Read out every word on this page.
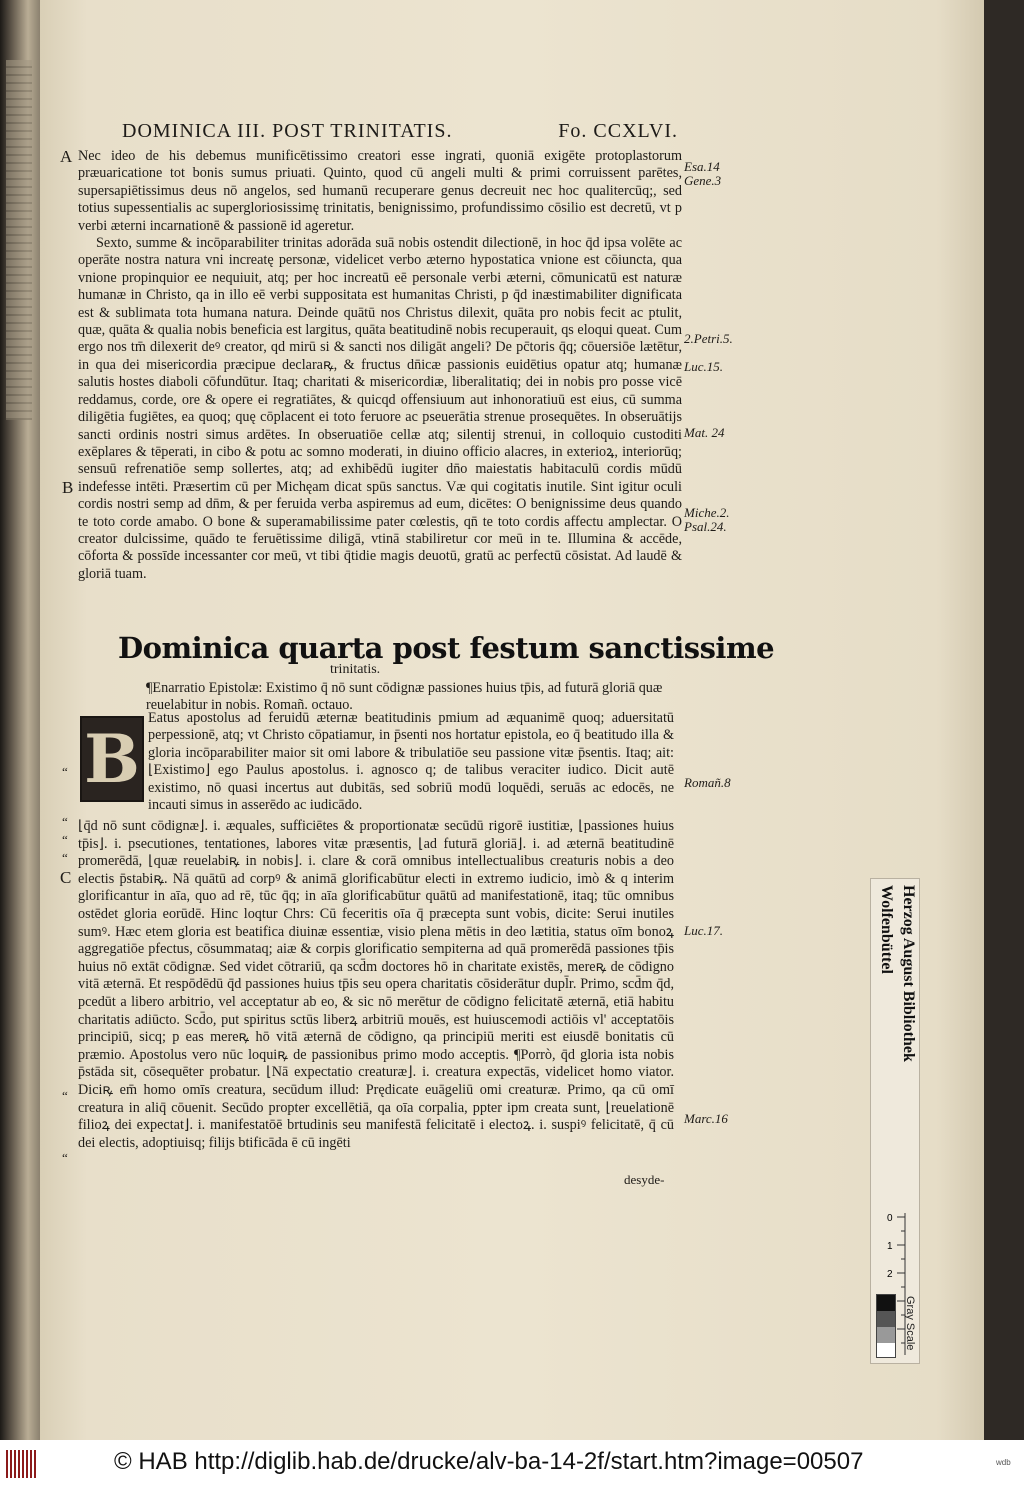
DOMINICA III. POST TRINITATIS.	Fo. CCXLVI.

Nec ideo de his debemus munificētissimo creatori esse ingrati, quoniā exigēte protoplastorum præuaricatione tot bonis sumus priuati. Quinto, quod cū angeli multi & primi corruissent parētes, supersapiētissimus deus nō angelos, sed humanū recuperare genus decreuit nec hoc qualitercūq;, sed totius supessentialis ac supergloriosissimę trinitatis, benignissimo, profundissimo cōsilio est decretū, vt p verbi æterni incarnationē & passionē id ageretur.

Sexto, summe & incōparabiliter trinitas adorāda suā nobis ostendit dilectionē, in hoc q̄d ipsa volēte ac operāte nostra natura vni increatę personæ, videlicet verbo æterno hypostatica vnione est cōiuncta, qua vnione propinquior ee nequiuit, atq; per hoc increatū eē personale verbi æterni, cōmunicatū est naturæ humanæ in Christo, qa in illo eē verbi suppositata est humanitas Christi, p q̄d inæstimabiliter dignificata est & sublimata tota humana natura. Deinde quātū nos Christus dilexit, quāta pro nobis fecit ac ptulit, quæ, quāta & qualia nobis beneficia est largitus, quāta beatitudinē nobis recuperauit, qs eloqui queat. Cum ergo nos tm̄ dilexerit deꝰ creator, qd mirū si & sancti nos diligāt angeli? De pc̄toris q̄q; cōuersiōe lætētur, in qua dei misericordia præcipue declaraꝶ, & fructus dn̄icæ passionis euidētius opatur atq; humanæ salutis hostes diaboli cōfundūtur. Itaq; charitati & misericordiæ, liberalitatiq; dei in nobis pro posse vicē reddamus, corde, ore & opere ei regratiātes, & quicqd offensiuum aut inhonoratiuū est eius, cū summa diligētia fugiētes, ea quoq; quę cōplacent ei toto feruore ac pseuerātia strenue prosequētes. In obseruātijs sancti ordinis nostri simus ardētes. In obseruatiōe cellæ atq; silentij strenui, in colloquio custoditi exēplares & tēperati, in cibo & potu ac somno moderati, in diuino officio alacres, in exterioꝝ, interiorūq; sensuū refrenatiōe semp sollertes, atq; ad exhibēdū iugiter dn̄o maiestatis habitaculū cordis mūdū indefesse intēti. Præsertim cū per Michęam dicat spūs sanctus. Væ qui cogitatis inutile. Sint igitur oculi cordis nostri semp ad dn̄m, & per feruida verba aspiremus ad eum, dicētes: O benignissime deus quando te toto corde amabo. O bone & superamabilissime pater cœlestis, qn̄ te toto cordis affectu amplectar. O creator dulcissime, quādo te feruētissime diligā, vtinā stabiliretur cor meū in te. Illumina & accēde, cōforta & possīde incessanter cor meū, vt tibi q̄tidie magis deuotū, gratū ac perfectū cōsistat. Ad laudē & gloriā tuam.

A
B
C
Esa.14
Gene.3
2.Petri.5.
Luc.15.
Mat. 24
Miche.2.
Psal.24.
Romañ.8
Luc.17.
Marc.16
Dominica quarta post festum sanctissime
trinitatis.
¶Enarratio Epistolæ: Existimo q̄ nō sunt cōdignæ passiones huius tp̄is, ad futurā gloriā quæ reuelabitur in nobis. Romañ. octauo.
B
Eatus apostolus ad feruidū æternæ beatitudinis pmium ad æquanimē quoq; aduersitatū perpessionē, atq; vt Christo cōpatiamur, in p̄senti nos hortatur epistola, eo q̄ beatitudo illa & gloria incōparabiliter maior sit omi labore & tribulatiōe seu passione vitæ p̄sentis. Itaq; ait: ⌊Existimo⌋ ego Paulus apostolus. i. agnosco q; de talibus veraciter iudico. Dicit autē existimo, nō quasi incertus aut dubitās, sed sobriū modū loquēdi, seruās ac edocēs, ne incauti simus in asserēdo ac iudicādo.
⌊q̄d nō sunt cōdignæ⌋. i. æquales, sufficiētes & proportionatæ secūdū rigorē iustitiæ, ⌊passiones huius tp̄is⌋. i. psecutiones, tentationes, labores vitæ præsentis, ⌊ad futurā gloriā⌋. i. ad æternā beatitudinē promerēdā, ⌊quæ reuelabiꝶ in nobis⌋. i. clare & corā omnibus intellectualibus creaturis nobis a deo electis p̄stabiꝶ. Nā quātū ad corpꝰ & animā glorificabūtur electi in extremo iudicio, imò & q interim glorificantur in aīa, quo ad rē, tūc q̄q; in aīa glorificabūtur quātū ad manifestationē, itaq; tūc omnibus ostēdet gloria eorūdē. Hinc loqtur Chrs: Cū feceritis oīa q̄ præcepta sunt vobis, dicite: Serui inutiles sumꝰ. Hæc etem gloria est beatifica diuinæ essentiæ, visio plena mētis in deo lætitia, status oīm bonoꝝ aggregatiōe pfectus, cōsummataq; aiæ & corpis glorificatio sempiterna ad quā promerēdā passiones tp̄is huius nō extāt cōdignæ. Sed videt cōtrariū, qa scd̄m doctores hō in charitate existēs, mereꝶ de cōdigno vitā æternā. Et respōdēdū q̄d passiones huius tp̄is seu opera charitatis cōsiderātur dupl̄r. Primo, scd̄m q̄d, pcedūt a libero arbitrio, vel acceptatur ab eo, & sic nō merētur de cōdigno felicitatē æternā, etiā habitu charitatis adiūcto. Scd̄o, put spiritus sctūs liberꝝ arbitriū mouēs, est huiuscemodi actiōis vl' acceptatōis principiū, sicq; p eas mereꝶ hō vitā æternā de cōdigno, qa principiū meriti est eiusdē bonitatis cū præmio. Apostolus vero nūc loquiꝶ de passionibus primo modo acceptis. ¶Porrò, q̄d gloria ista nobis p̄stāda sit, cōsequēter probatur. ⌊Nā expectatio creaturæ⌋. i. creatura expectās, videlicet homo viator. Diciꝶ em̄ homo omīs creatura, secūdum illud: Prędicate euāgeliū omi creaturæ. Primo, qa cū omī creatura in aliq̄ cōuenit. Secūdo propter excellētiā, qa oīa corpalia, ppter ipm creata sunt, ⌊reuelationē filioꝝ dei expectat⌋. i. manifestatōē brtudinis seu manifestā felicitatē i electoꝝ. i. suspiꝰ felicitatē, q̄ cū dei electis, adoptiuisq; filijs btificāda ē cū ingēti
“
“
“
“
“
“
desyde-
Herzog August Bibliothek
Wolfenbüttel
0
1
2
Gray Scale
© HAB http://diglib.hab.de/drucke/alv-ba-14-2f/start.htm?image=00507	wdb
